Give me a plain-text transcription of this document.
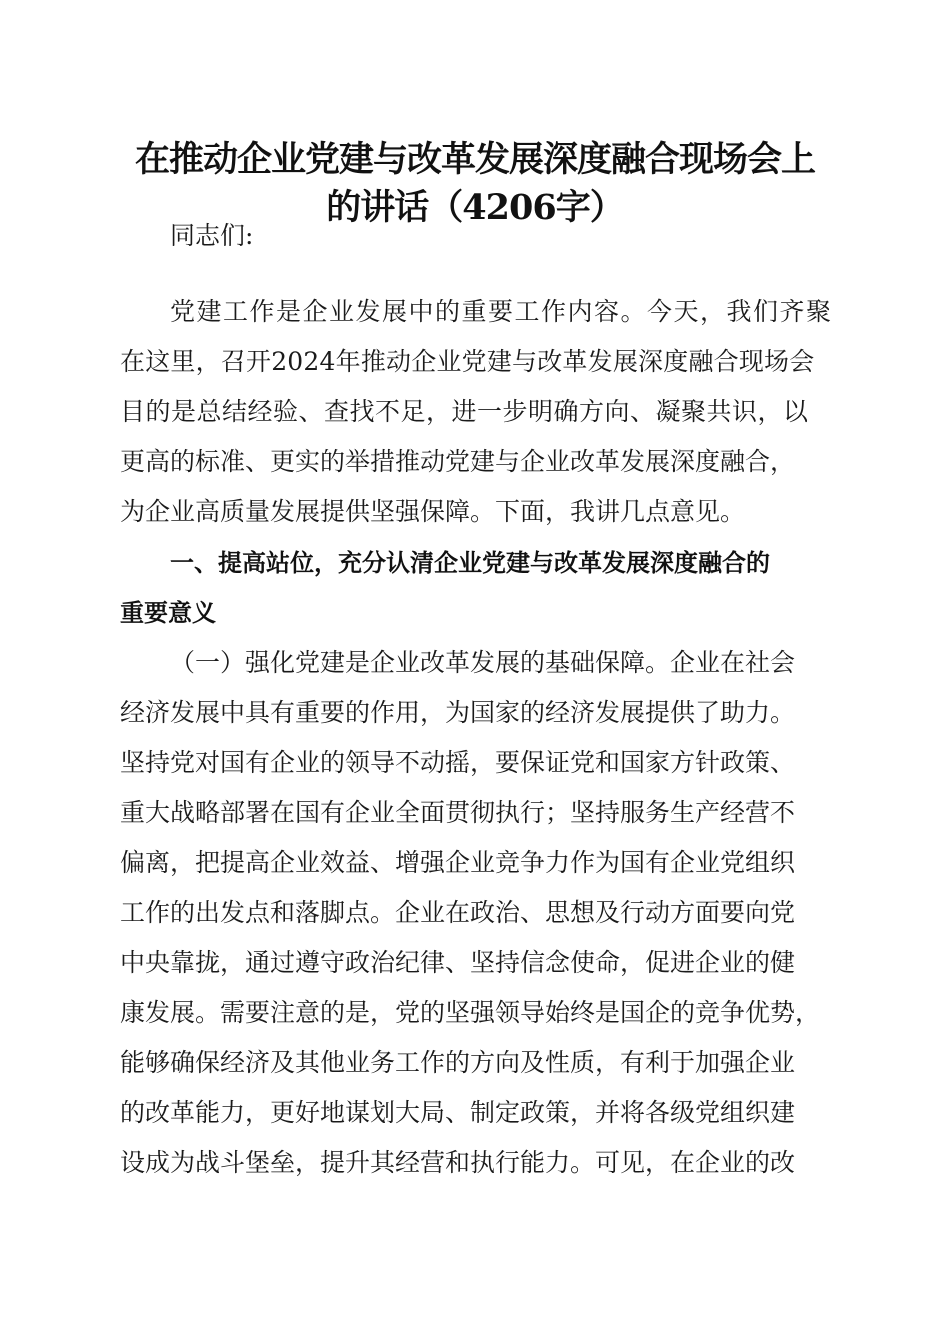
在推动企业党建与改革发展深度融合现场会上
的讲话（4206字）
同志们:
党建工作是企业发展中的重要工作内容。今天，我们齐聚
在这里，召开2024年推动企业党建与改革发展深度融合现场会
目的是总结经验、查找不足，进一步明确方向、凝聚共识，以
更高的标准、更实的举措推动党建与企业改革发展深度融合，
为企业高质量发展提供坚强保障。下面，我讲几点意见。
一、提高站位，充分认清企业党建与改革发展深度融合的
重要意义
（一）强化党建是企业改革发展的基础保障。企业在社会
经济发展中具有重要的作用，为国家的经济发展提供了助力。
坚持党对国有企业的领导不动摇，要保证党和国家方针政策、
重大战略部署在国有企业全面贯彻执行；坚持服务生产经营不
偏离，把提高企业效益、增强企业竞争力作为国有企业党组织
工作的出发点和落脚点。企业在政治、思想及行动方面要向党
中央靠拢，通过遵守政治纪律、坚持信念使命，促进企业的健
康发展。需要注意的是，党的坚强领导始终是国企的竞争优势，
能够确保经济及其他业务工作的方向及性质，有利于加强企业
的改革能力，更好地谋划大局、制定政策，并将各级党组织建
设成为战斗堡垒，提升其经营和执行能力。可见，在企业的改
